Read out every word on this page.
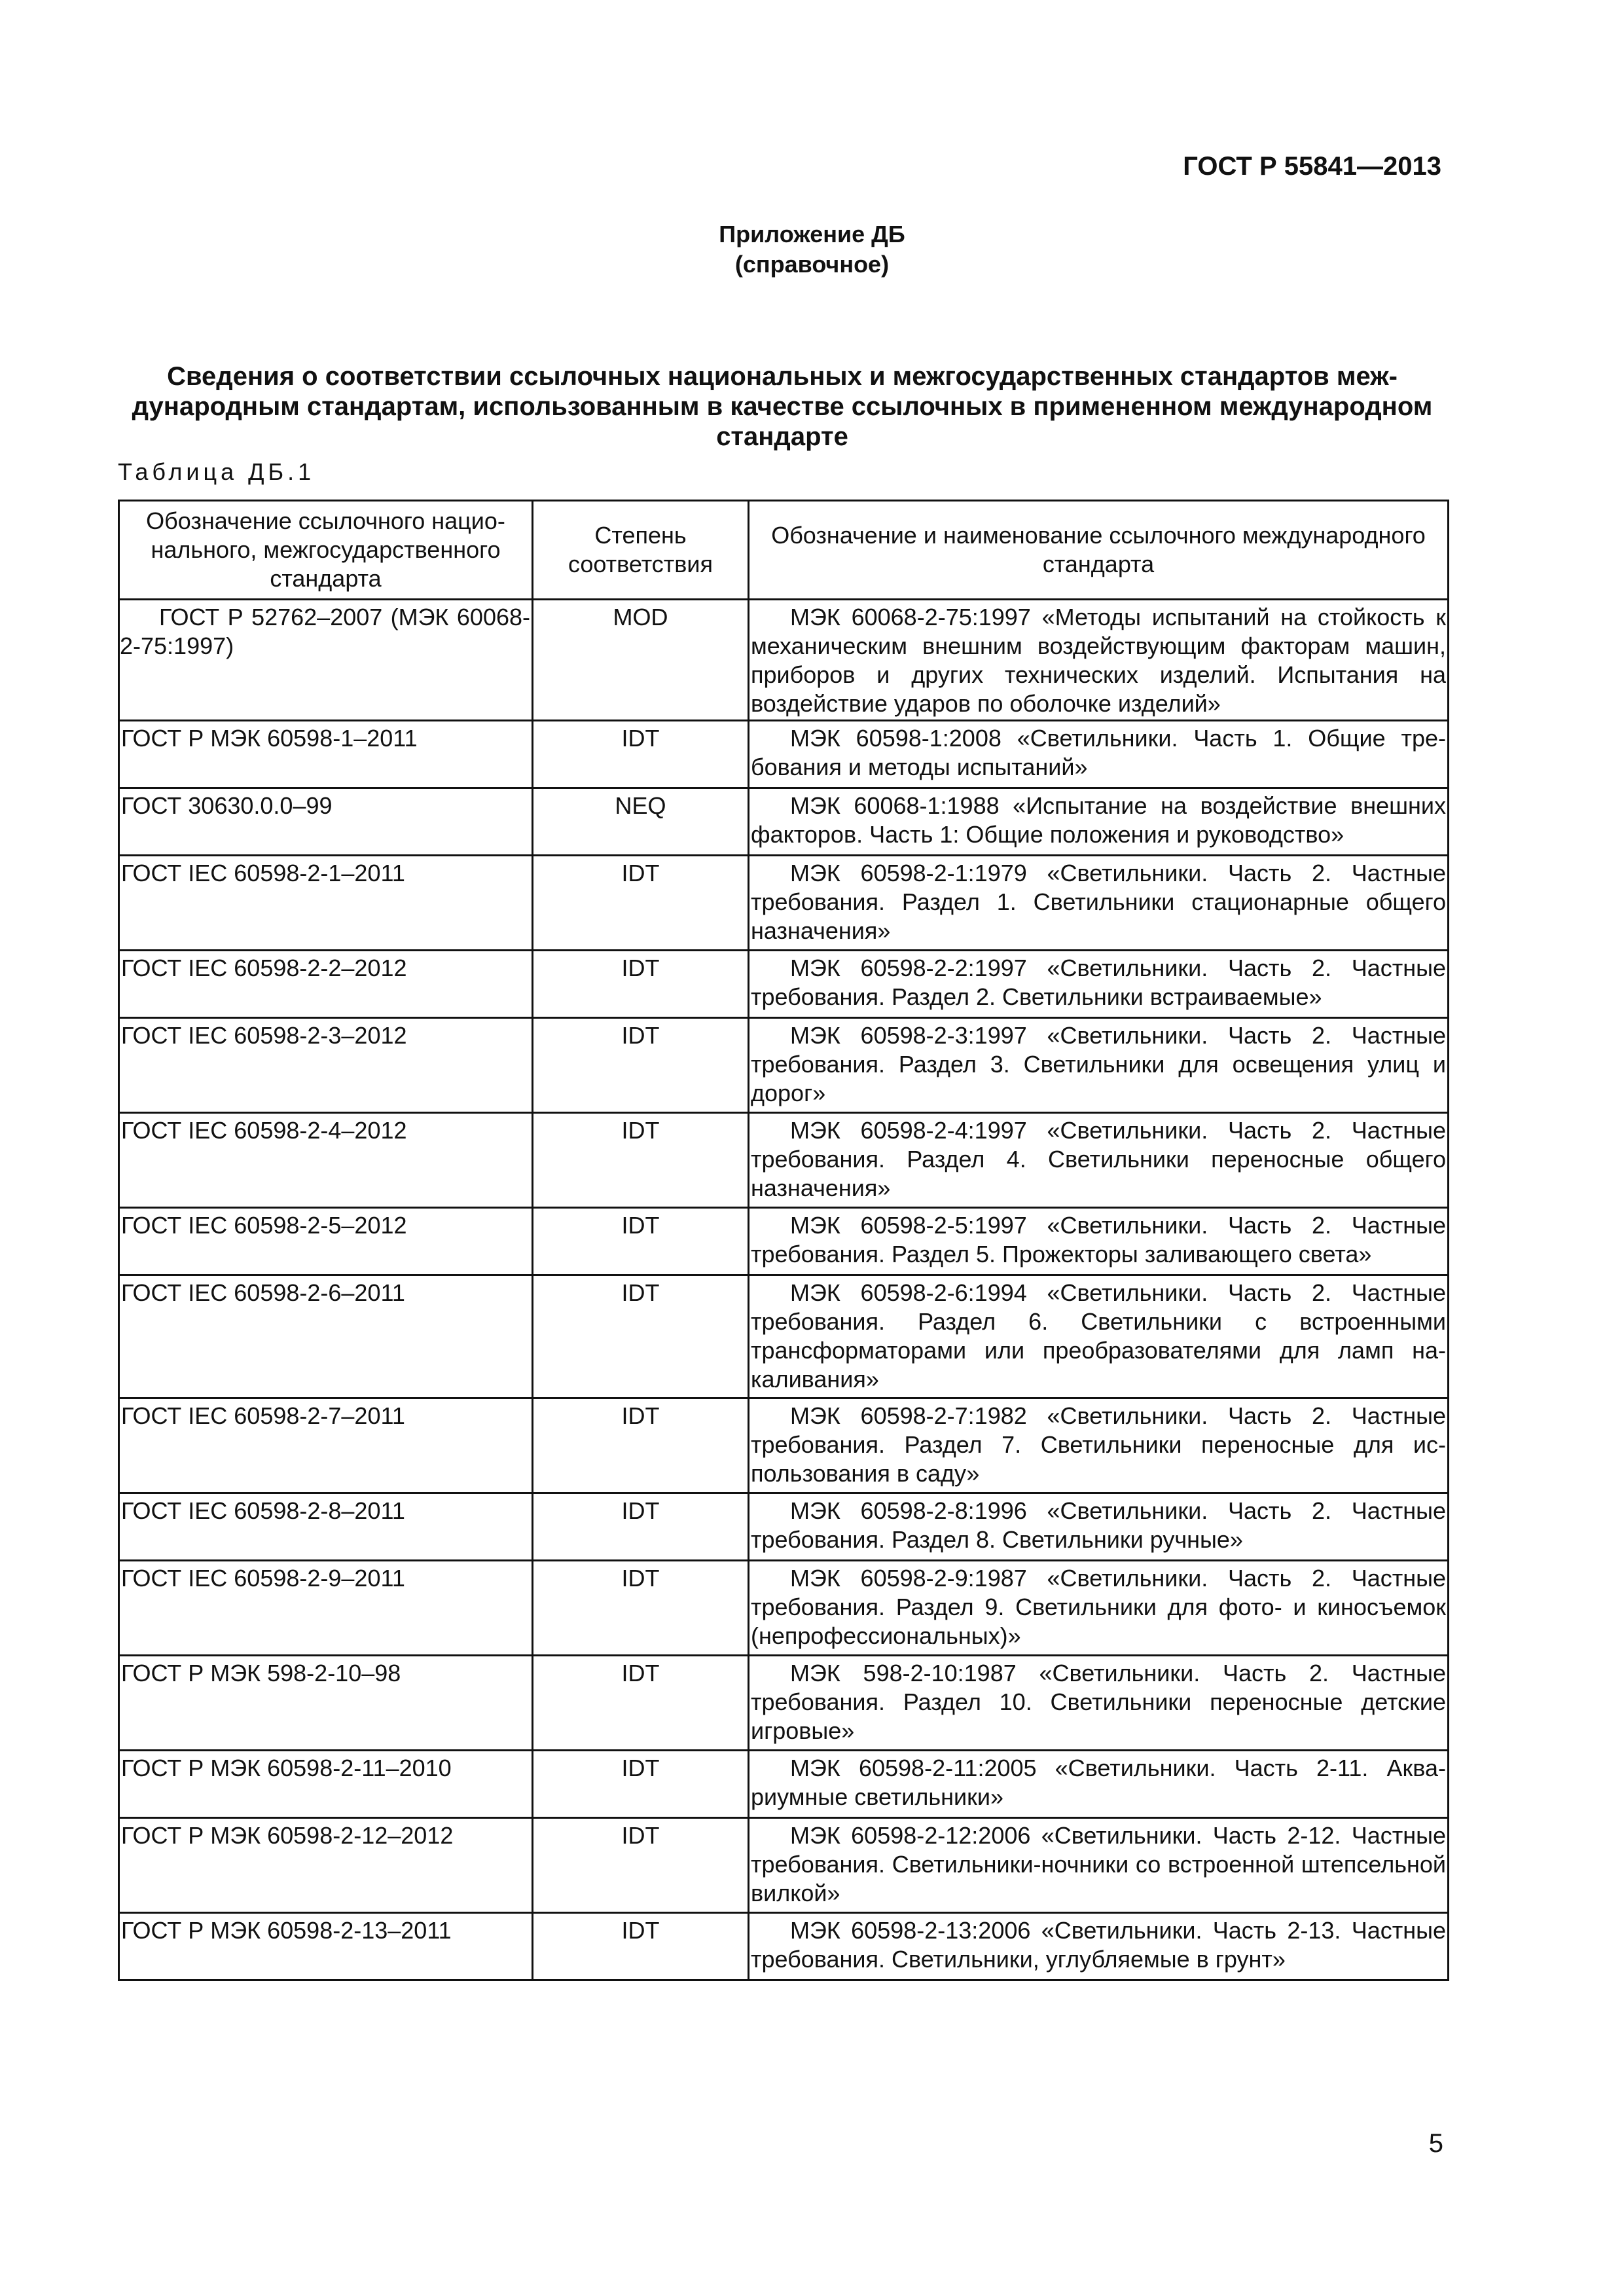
ГОСТ Р 55841—2013
Приложение ДБ
(справочное)
Сведения о соответствии ссылочных национальных и межгосударственных стандартов международным стандартам, использованным в качестве ссылочных в примененном международном стандарте
Таблица ДБ.1
Обозначение ссылочного национального, межгосударственного стандарта	Степень соответствия	Обозначение и наименование ссылочного международного стандарта
ГОСТ Р 52762–2007 (МЭК 60068-2-75:1997)	MOD	МЭК 60068-2-75:1997 «Методы испытаний на стойкость к механическим внешним воздействующим факторам машин, приборов и других технических изделий. Испытания на воздействие ударов по оболочке изделий»
ГОСТ Р МЭК 60598-1–2011	IDT	МЭК 60598-1:2008 «Светильники. Часть 1. Общие требования и методы испытаний»
ГОСТ 30630.0.0–99	NEQ	МЭК 60068-1:1988 «Испытание на воздействие внешних факторов. Часть 1: Общие положения и руководство»
ГОСТ IEC 60598-2-1–2011	IDT	МЭК 60598-2-1:1979 «Светильники. Часть 2. Частные требования. Раздел 1. Светильники стационарные общего назначения»
ГОСТ IEC 60598-2-2–2012	IDT	МЭК 60598-2-2:1997 «Светильники. Часть 2. Частные требования. Раздел 2. Светильники встраиваемые»
ГОСТ IEC 60598-2-3–2012	IDT	МЭК 60598-2-3:1997 «Светильники. Часть 2. Частные требования. Раздел 3. Светильники для освещения улиц и дорог»
ГОСТ IEC 60598-2-4–2012	IDT	МЭК 60598-2-4:1997 «Светильники. Часть 2. Частные требования. Раздел 4. Светильники переносные общего назначения»
ГОСТ IEC 60598-2-5–2012	IDT	МЭК 60598-2-5:1997 «Светильники. Часть 2. Частные требования. Раздел 5. Прожекторы заливающего света»
ГОСТ IEC 60598-2-6–2011	IDT	МЭК 60598-2-6:1994 «Светильники. Часть 2. Частные требования. Раздел 6. Светильники с встроенными трансформаторами или преобразователями для ламп накаливания»
ГОСТ IEC 60598-2-7–2011	IDT	МЭК 60598-2-7:1982 «Светильники. Часть 2. Частные требования. Раздел 7. Светильники переносные для использования в саду»
ГОСТ IEC 60598-2-8–2011	IDT	МЭК 60598-2-8:1996 «Светильники. Часть 2. Частные требования. Раздел 8. Светильники ручные»
ГОСТ IEC 60598-2-9–2011	IDT	МЭК 60598-2-9:1987 «Светильники. Часть 2. Частные требования. Раздел 9. Светильники для фото- и киносъемок (непрофессиональных)»
ГОСТ Р МЭК 598-2-10–98	IDT	МЭК 598-2-10:1987 «Светильники. Часть 2. Частные требования. Раздел 10. Светильники переносные детские игровые»
ГОСТ Р МЭК 60598-2-11–2010	IDT	МЭК 60598-2-11:2005 «Светильники. Часть 2-11. Аквариумные светильники»
ГОСТ Р МЭК 60598-2-12–2012	IDT	МЭК 60598-2-12:2006 «Светильники. Часть 2-12. Частные требования. Светильники-ночники со встроенной штепсельной вилкой»
ГОСТ Р МЭК 60598-2-13–2011	IDT	МЭК 60598-2-13:2006 «Светильники. Часть 2-13. Частные требования. Светильники, углубляемые в грунт»
5
